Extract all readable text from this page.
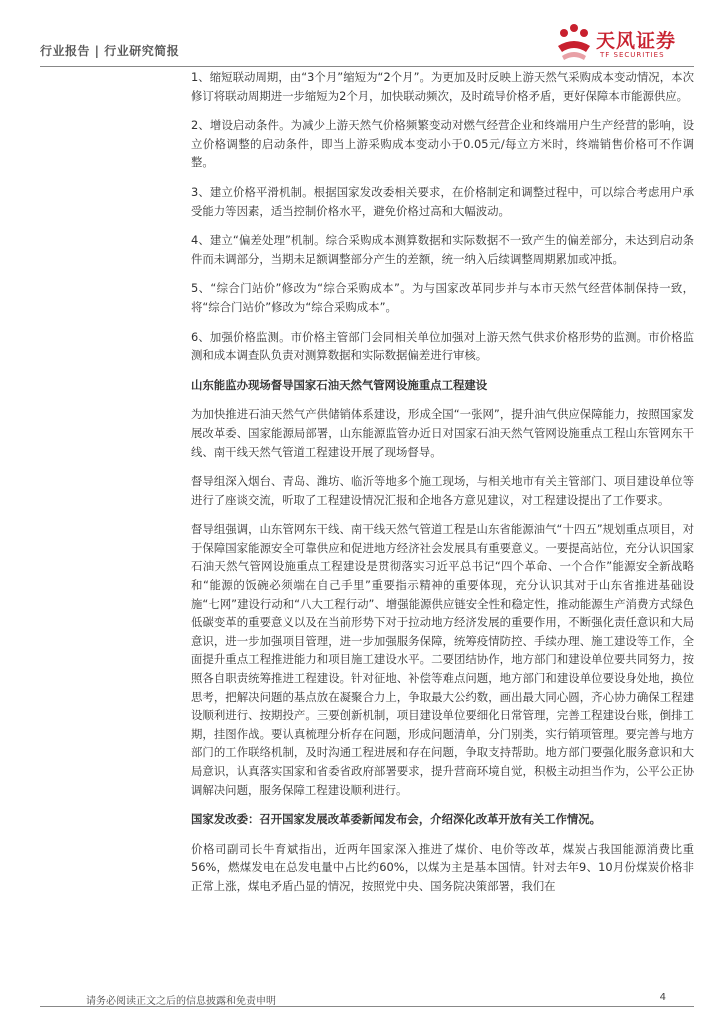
行业报告 | 行业研究简报	天风证券
TF SECURITIES

1、缩短联动周期，由“3个月”缩短为“2个月”。为更加及时反映上游天然气采购成本变动情况，本次修订将联动周期进一步缩短为2个月，加快联动频次，及时疏导价格矛盾，更好保障本市能源供应。

2、增设启动条件。为减少上游天然气价格频繁变动对燃气经营企业和终端用户生产经营的影响，设立价格调整的启动条件，即当上游采购成本变动小于0.05元/每立方米时，终端销售价格可不作调整。

3、建立价格平滑机制。根据国家发改委相关要求，在价格制定和调整过程中，可以综合考虑用户承受能力等因素，适当控制价格水平，避免价格过高和大幅波动。

4、建立“偏差处理”机制。综合采购成本测算数据和实际数据不一致产生的偏差部分，未达到启动条件而未调部分，当期未足额调整部分产生的差额，统一纳入后续调整周期累加或冲抵。

5、“综合门站价”修改为“综合采购成本”。为与国家改革同步并与本市天然气经营体制保持一致，将“综合门站价”修改为“综合采购成本”。

6、加强价格监测。市价格主管部门会同相关单位加强对上游天然气供求价格形势的监测。市价格监测和成本调查队负责对测算数据和实际数据偏差进行审核。

山东能监办现场督导国家石油天然气管网设施重点工程建设

为加快推进石油天然气产供储销体系建设，形成全国“一张网”，提升油气供应保障能力，按照国家发展改革委、国家能源局部署，山东能源监管办近日对国家石油天然气管网设施重点工程山东管网东干线、南干线天然气管道工程建设开展了现场督导。

督导组深入烟台、青岛、潍坊、临沂等地多个施工现场，与相关地市有关主管部门、项目建设单位等进行了座谈交流，听取了工程建设情况汇报和企地各方意见建议，对工程建设提出了工作要求。

督导组强调，山东管网东干线、南干线天然气管道工程是山东省能源油气“十四五”规划重点项目，对于保障国家能源安全可靠供应和促进地方经济社会发展具有重要意义。一要提高站位，充分认识国家石油天然气管网设施重点工程建设是贯彻落实习近平总书记“四个革命、一个合作”能源安全新战略和“能源的饭碗必须端在自己手里”重要指示精神的重要体现，充分认识其对于山东省推进基础设施“七网”建设行动和“八大工程行动”、增强能源供应链安全性和稳定性，推动能源生产消费方式绿色低碳变革的重要意义以及在当前形势下对于拉动地方经济发展的重要作用，不断强化责任意识和大局意识，进一步加强项目管理，进一步加强服务保障，统筹疫情防控、手续办理、施工建设等工作，全面提升重点工程推进能力和项目施工建设水平。二要团结协作，地方部门和建设单位要共同努力，按照各自职责统筹推进工程建设。针对征地、补偿等难点问题，地方部门和建设单位要设身处地，换位思考，把解决问题的基点放在凝聚合力上，争取最大公约数，画出最大同心圆，齐心协力确保工程建设顺利进行、按期投产。三要创新机制，项目建设单位要细化日常管理，完善工程建设台账，倒排工期，挂图作战。要认真梳理分析存在问题，形成问题清单，分门别类，实行销项管理。要完善与地方部门的工作联络机制，及时沟通工程进展和存在问题，争取支持帮助。地方部门要强化服务意识和大局意识，认真落实国家和省委省政府部署要求，提升营商环境自觉，积极主动担当作为，公平公正协调解决问题，服务保障工程建设顺利进行。

国家发改委：召开国家发展改革委新闻发布会，介绍深化改革开放有关工作情况。

价格司副司长牛育斌指出，近两年国家深入推进了煤价、电价等改革，煤炭占我国能源消费比重56%，燃煤发电在总发电量中占比约60%，以煤为主是基本国情。针对去年9、10月份煤炭价格非正常上涨，煤电矛盾凸显的情况，按照党中央、国务院决策部署，我们在

请务必阅读正文之后的信息披露和免责申明	4
